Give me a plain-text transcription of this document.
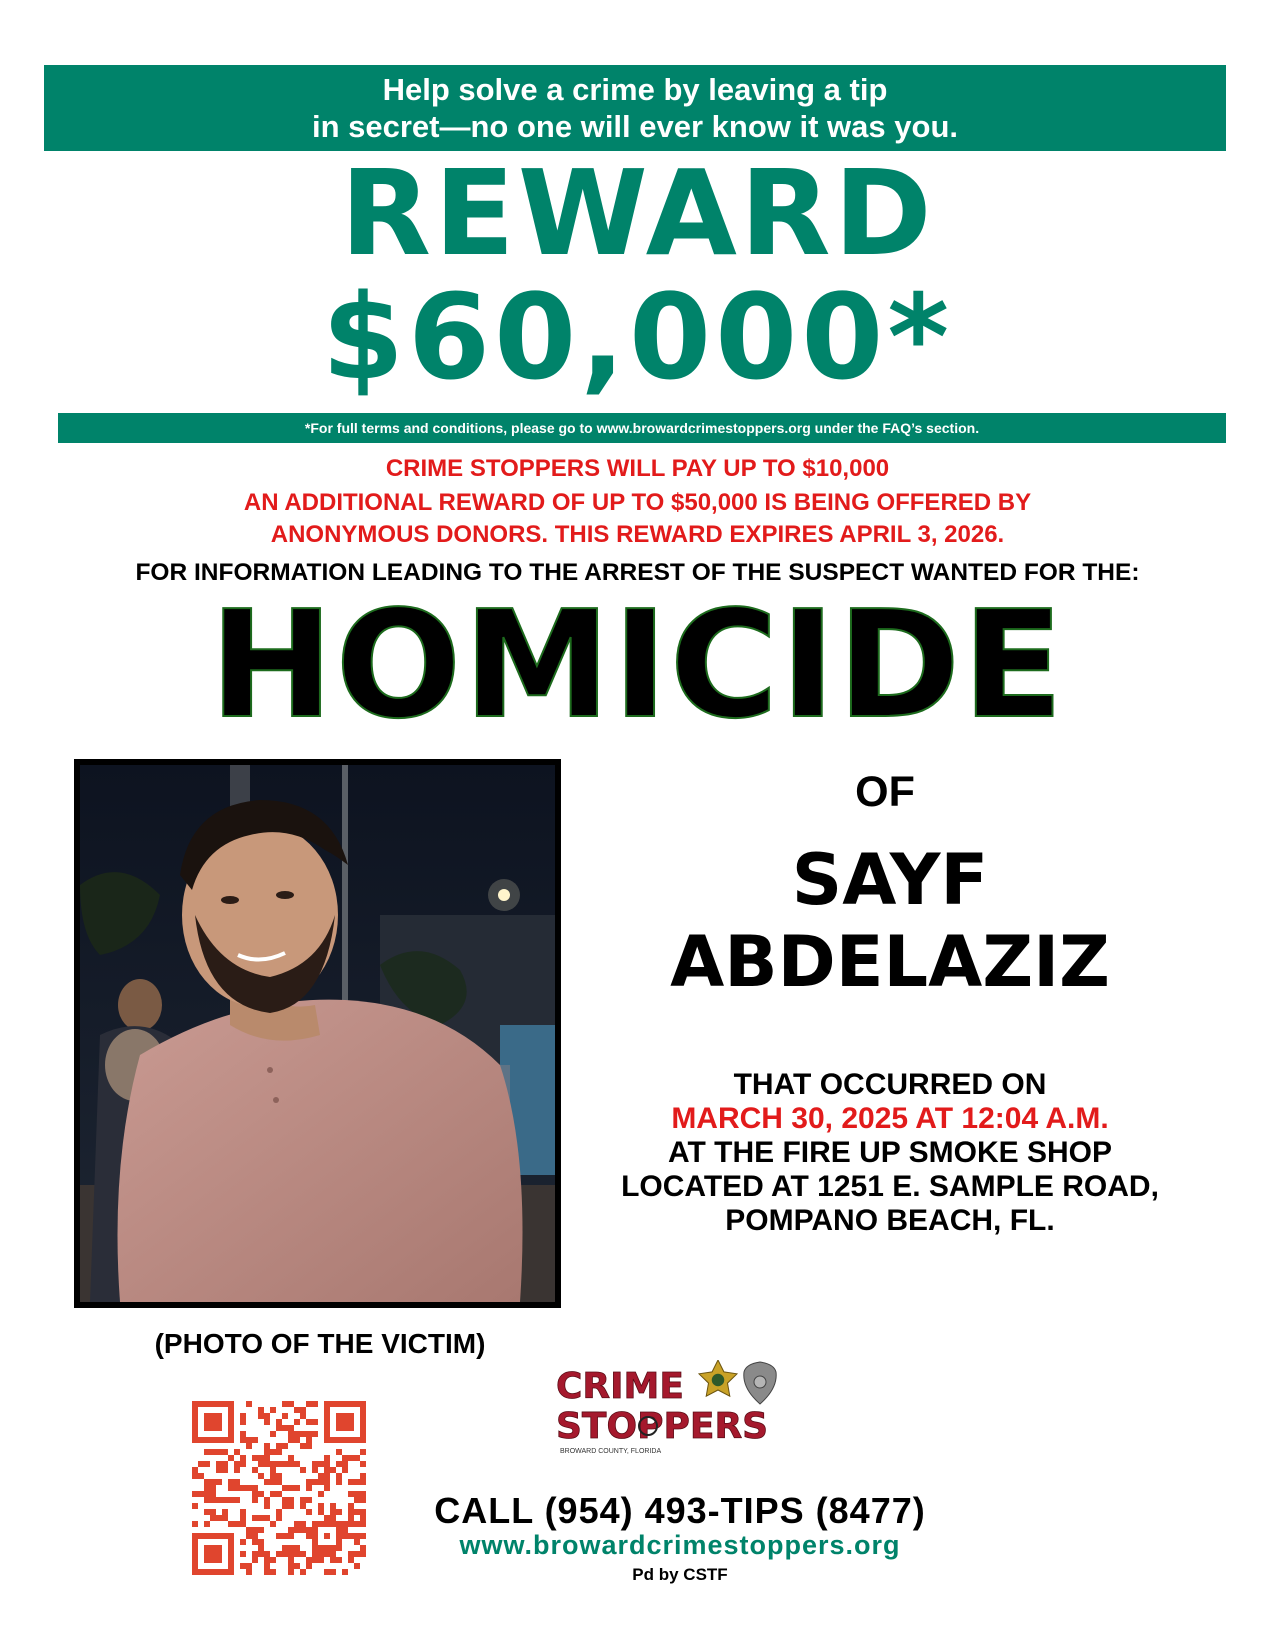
Help solve a crime by leaving a tip
in secret—no one will ever know it was you.
REWARD
$60,000*
*For full terms and conditions, please go to www.browardcrimestoppers.org under the FAQ’s section.
CRIME STOPPERS WILL PAY UP TO $10,000
AN ADDITIONAL REWARD OF UP TO $50,000 IS BEING OFFERED BY
ANONYMOUS DONORS. THIS REWARD EXPIRES APRIL 3, 2026.
FOR INFORMATION LEADING TO THE ARREST OF THE SUSPECT WANTED FOR THE:
HOMICIDE
(PHOTO OF THE VICTIM)
OF
SAYF
ABDELAZIZ
THAT OCCURRED ON
MARCH 30, 2025 AT 12:04 A.M.
AT THE FIRE UP SMOKE SHOP
LOCATED AT 1251 E. SAMPLE ROAD,
POMPANO BEACH, FL.
CRIME
STOPPERS
BROWARD COUNTY, FLORIDA
CALL (954) 493-TIPS (8477)
www.browardcrimestoppers.org
Pd by CSTF
